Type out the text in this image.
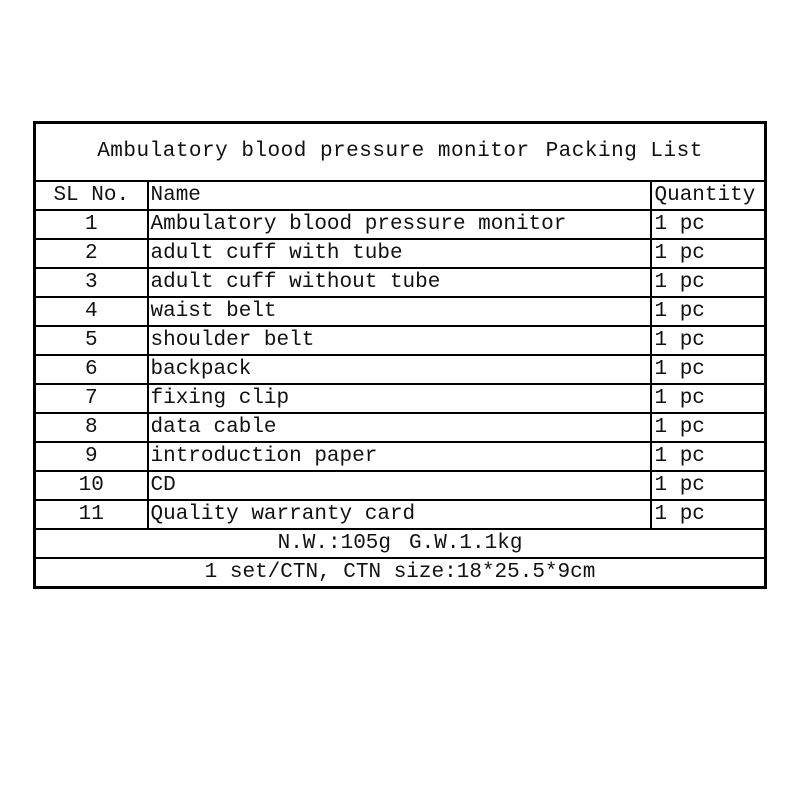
Ambulatory blood pressure monitor Packing List		
SL No.	Name	Quantity
1	Ambulatory blood pressure monitor	1 pc
2	adult cuff with tube	1 pc
3	adult cuff without tube	1 pc
4	waist belt	1 pc
5	shoulder belt	1 pc
6	backpack	1 pc
7	fixing clip	1 pc
8	data cable	1 pc
9	introduction paper	1 pc
10	CD	1 pc
11	Quality warranty card	1 pc
N.W.:105g G.W.1.1kg		
1 set/CTN, CTN size:18*25.5*9cm		
